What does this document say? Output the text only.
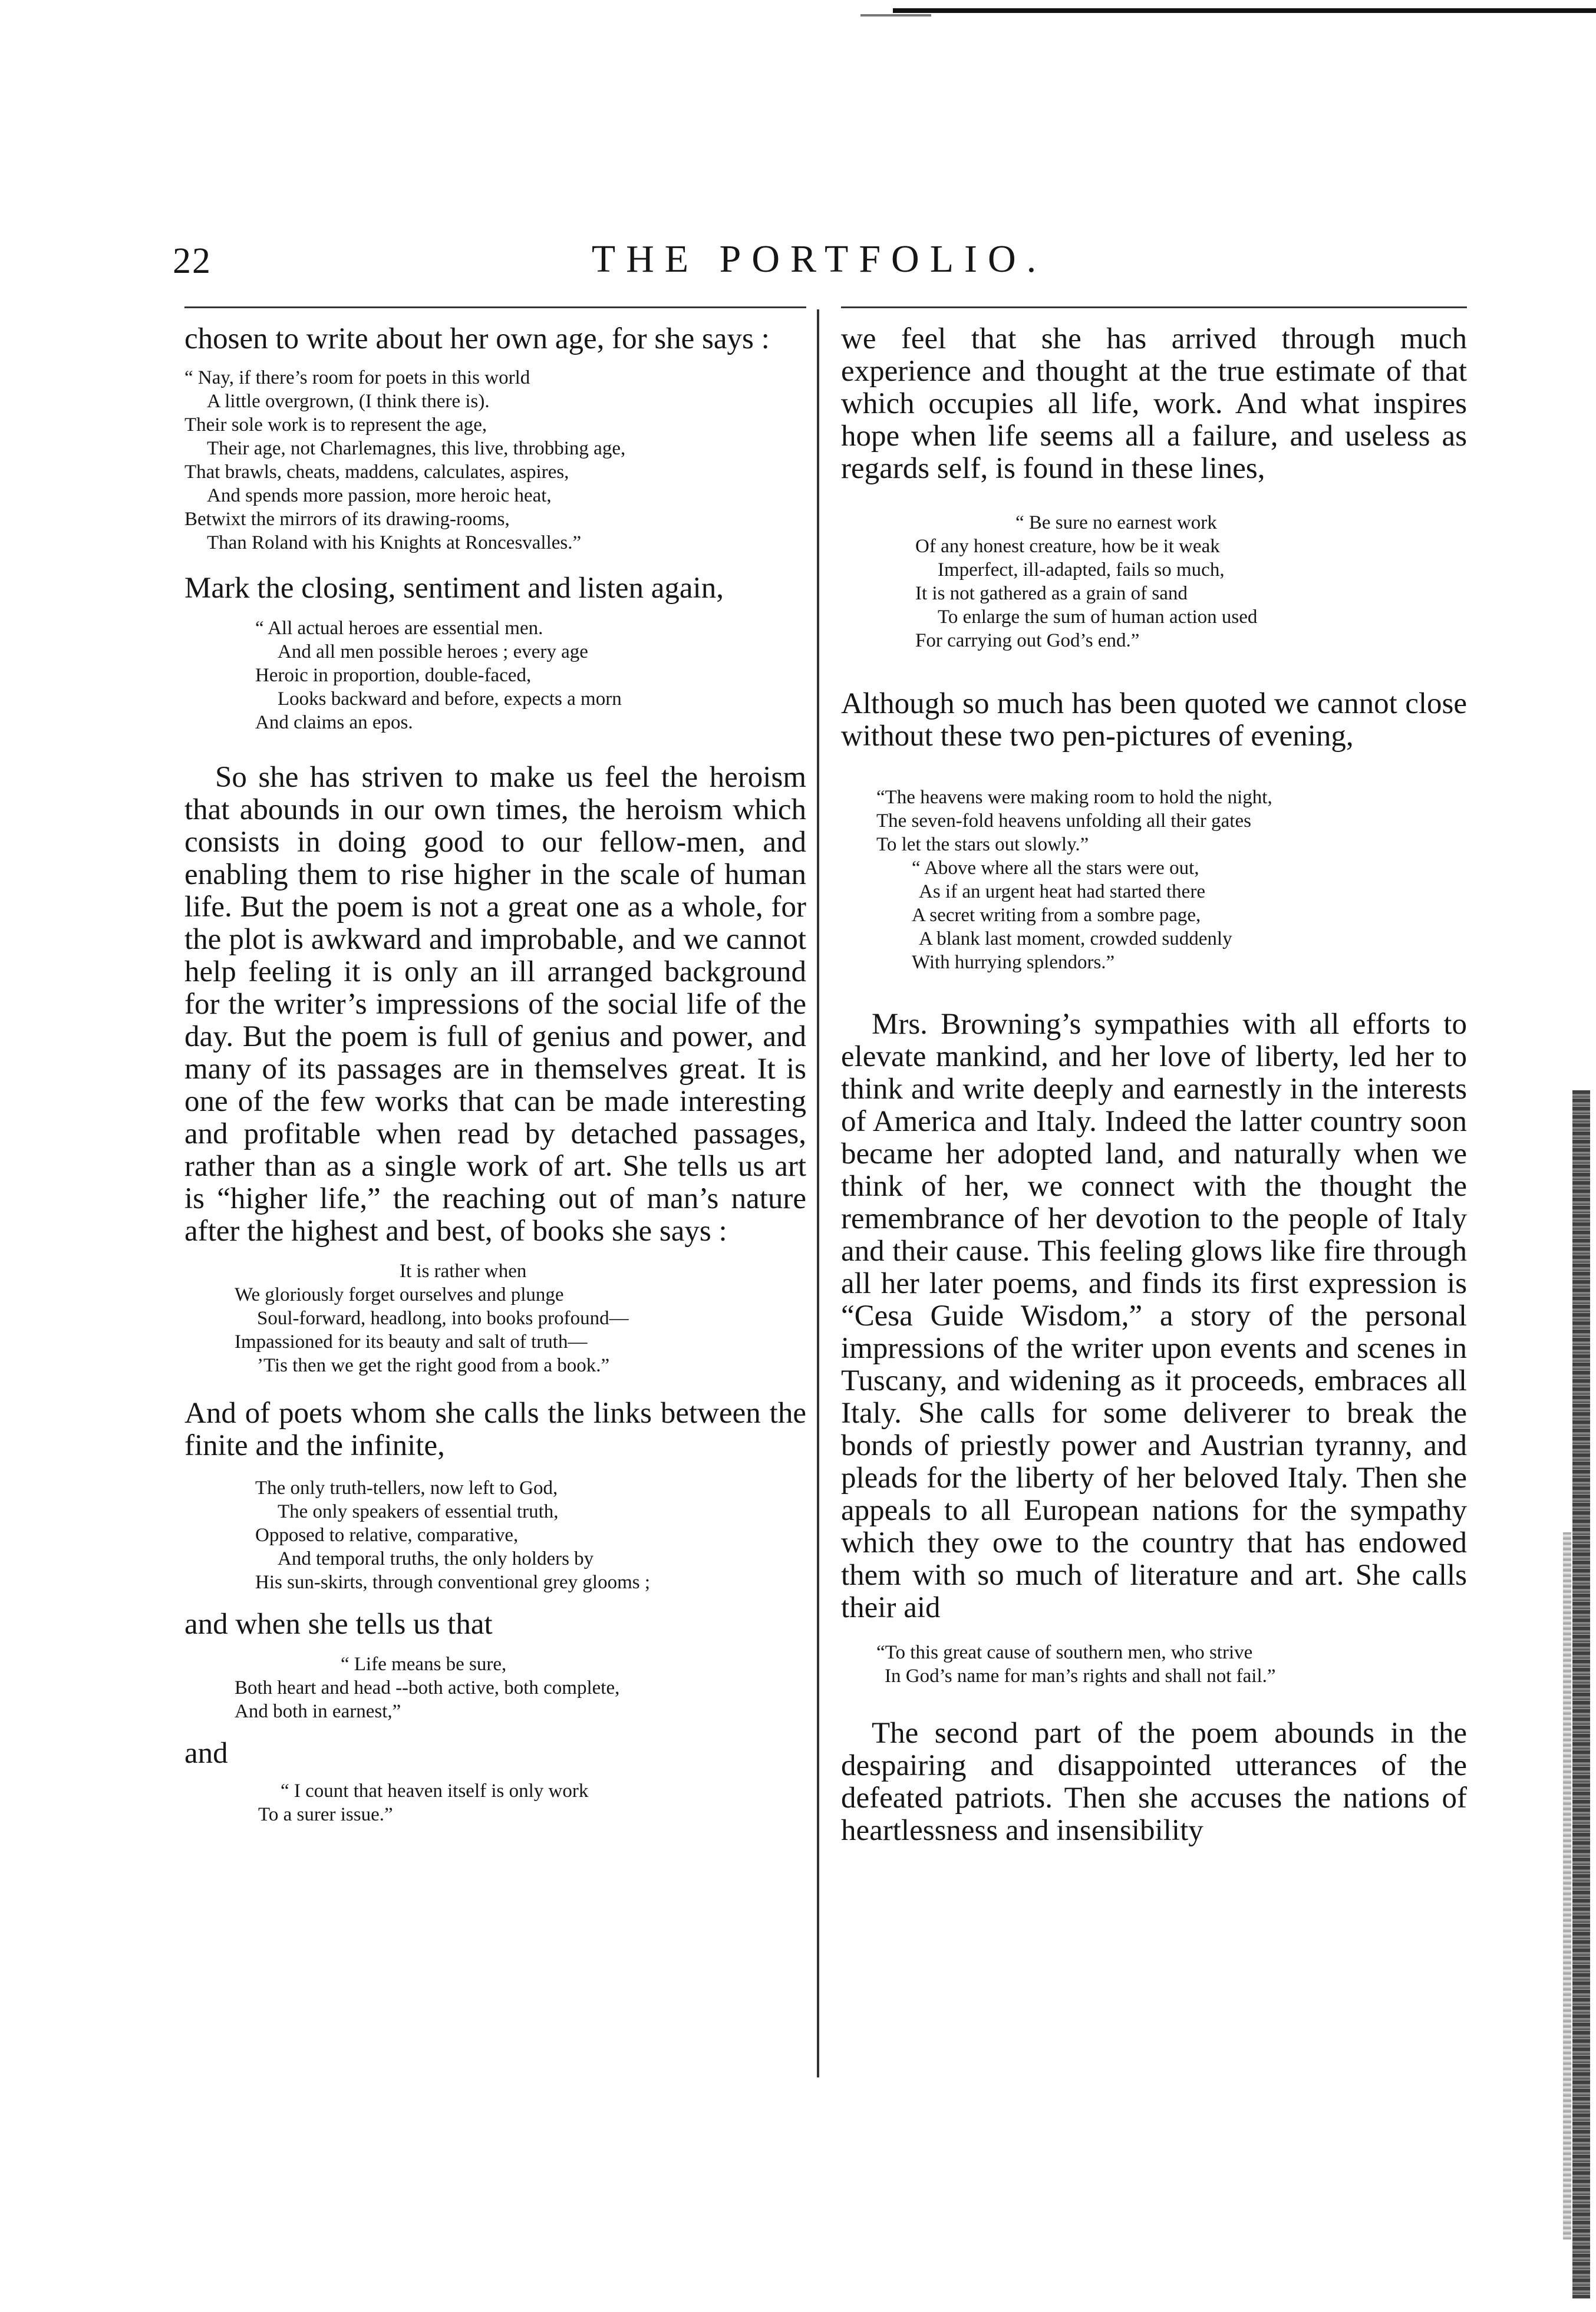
22	THE PORTFOLIO.

chosen to write about her own age, for she says :

“ Nay, if there’s room for poets in this world
A little overgrown, (I think there is).
Their sole work is to represent the age,
Their age, not Charlemagnes, this live, throbbing age,
That brawls, cheats, maddens, calculates, aspires,
And spends more passion, more heroic heat,
Betwixt the mirrors of its drawing-rooms,
Than Roland with his Knights at Roncesvalles.”

Mark the closing, sentiment and listen again,

“ All actual heroes are essential men.
And all men possible heroes ; every age
Heroic in proportion, double-faced,
Looks backward and before, expects a morn
And claims an epos.

So she has striven to make us feel the heroism that abounds in our own times, the heroism which consists in doing good to our fellow-men, and enabling them to rise higher in the scale of human life. But the poem is not a great one as a whole, for the plot is awkward and improbable, and we cannot help feeling it is only an ill arranged background for the writer’s impressions of the social life of the day. But the poem is full of genius and power, and many of its passages are in themselves great. It is one of the few works that can be made interesting and profitable when read by detached passages, rather than as a single work of art. She tells us art is “higher life,” the reaching out of man’s nature after the highest and best, of books she says :

It is rather when
We gloriously forget ourselves and plunge
Soul-forward, headlong, into books profound—
Impassioned for its beauty and salt of truth—
’Tis then we get the right good from a book.”

And of poets whom she calls the links between the finite and the infinite,

The only truth-tellers, now left to God,
The only speakers of essential truth,
Opposed to relative, comparative,
And temporal truths, the only holders by
His sun-skirts, through conventional grey glooms ;

and when she tells us that

“ Life means be sure,
Both heart and head --both active, both complete,
And both in earnest,”

and

“ I count that heaven itself is only work
To a surer issue.”

we feel that she has arrived through much experience and thought at the true estimate of that which occupies all life, work. And what inspires hope when life seems all a failure, and useless as regards self, is found in these lines,

“ Be sure no earnest work
Of any honest creature, how be it weak
Imperfect, ill-adapted, fails so much,
It is not gathered as a grain of sand
To enlarge the sum of human action used
For carrying out God’s end.”

Although so much has been quoted we cannot close without these two pen-pictures of evening,

“The heavens were making room to hold the night,
The seven-fold heavens unfolding all their gates
To let the stars out slowly.”
“ Above where all the stars were out,
As if an urgent heat had started there
A secret writing from a sombre page,
A blank last moment, crowded suddenly
With hurrying splendors.”

Mrs. Browning’s sympathies with all efforts to elevate mankind, and her love of liberty, led her to think and write deeply and earnestly in the interests of America and Italy. Indeed the latter country soon became her adopted land, and naturally when we think of her, we connect with the thought the remembrance of her devotion to the people of Italy and their cause. This feeling glows like fire through all her later poems, and finds its first expression is “Cesa Guide Wisdom,” a story of the personal impressions of the writer upon events and scenes in Tuscany, and widening as it proceeds, embraces all Italy. She calls for some deliverer to break the bonds of priestly power and Austrian tyranny, and pleads for the liberty of her beloved Italy. Then she appeals to all European nations for the sympathy which they owe to the country that has endowed them with so much of literature and art. She calls their aid

“To this great cause of southern men, who strive
In God’s name for man’s rights and shall not fail.”

The second part of the poem abounds in the despairing and disappointed utterances of the defeated patriots. Then she accuses the nations of heartlessness and insensibility
